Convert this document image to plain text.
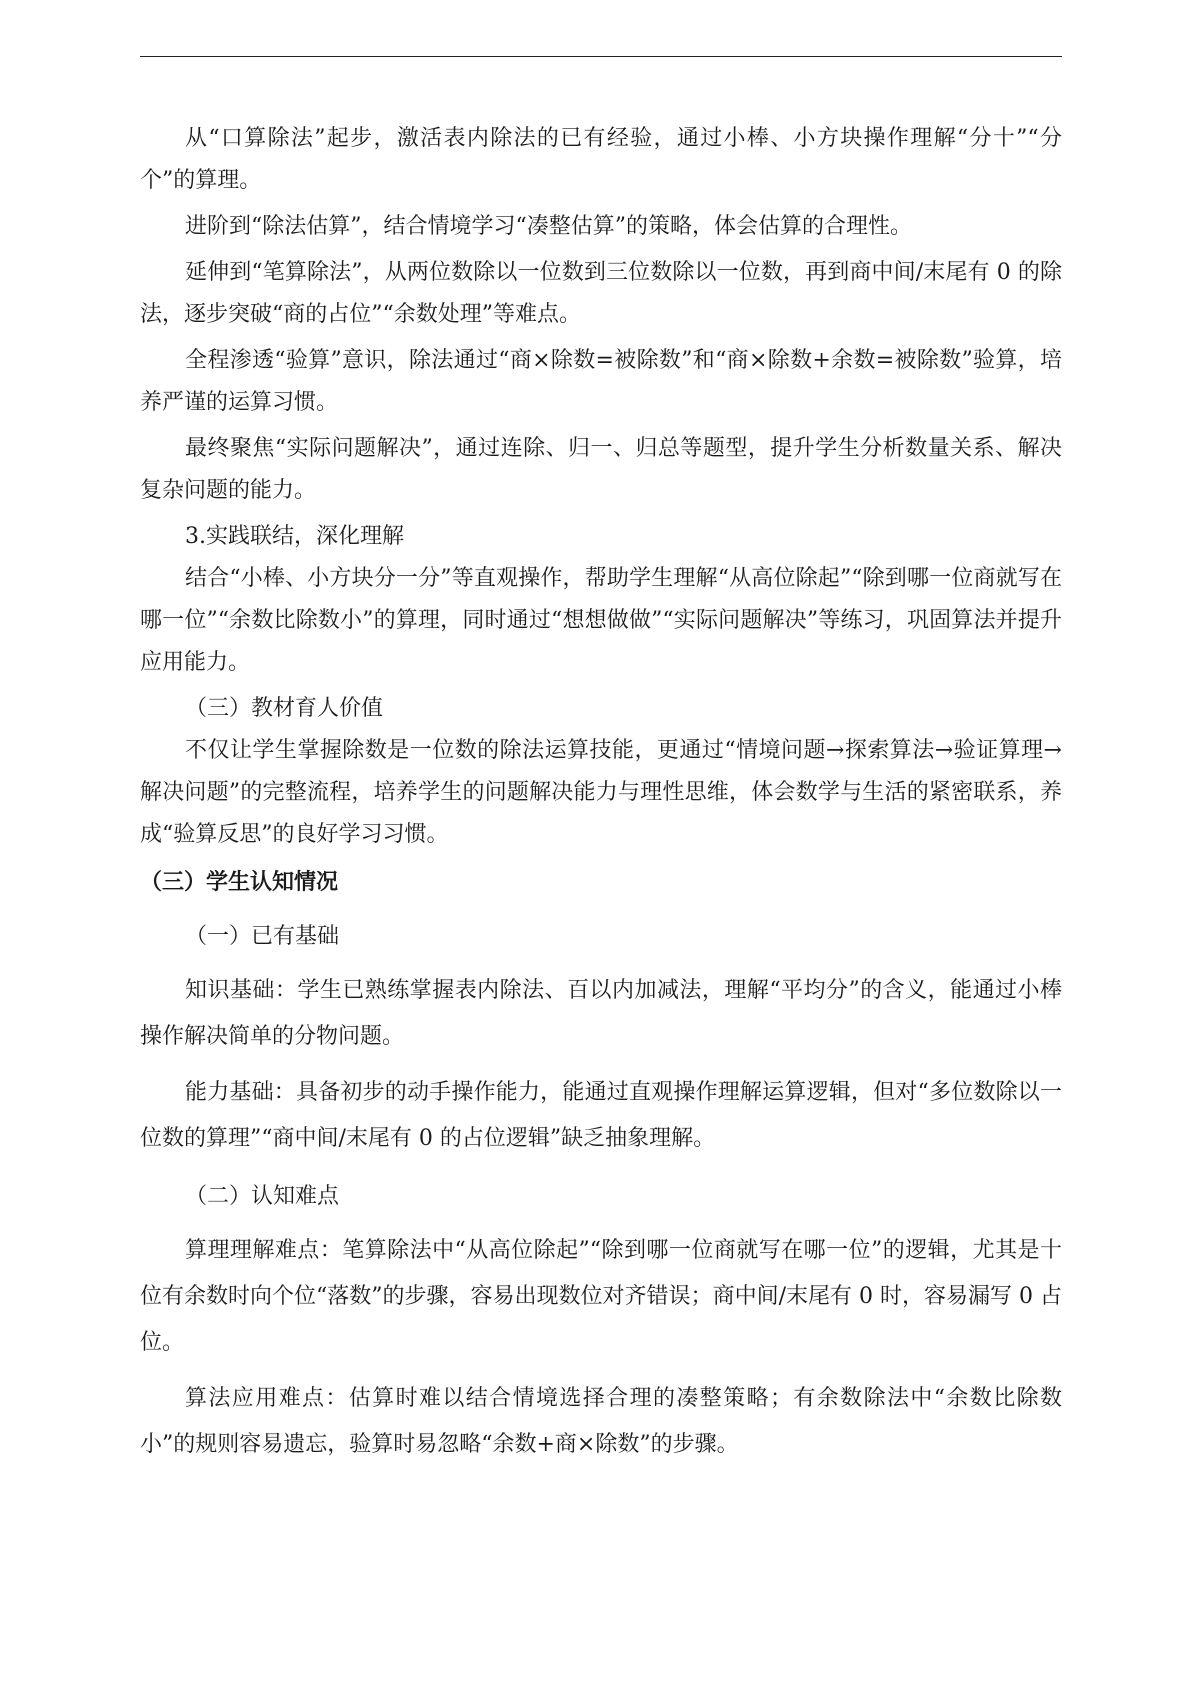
从“口算除法”起步，激活表内除法的已有经验，通过小棒、小方块操作理解“分十”“分个”的算理。

进阶到“除法估算”，结合情境学习“凑整估算”的策略，体会估算的合理性。

延伸到“笔算除法”，从两位数除以一位数到三位数除以一位数，再到商中间/末尾有 0 的除法，逐步突破“商的占位”“余数处理”等难点。

全程渗透“验算”意识，除法通过“商×除数=被除数”和“商×除数+余数=被除数”验算，培养严谨的运算习惯。

最终聚焦“实际问题解决”，通过连除、归一、归总等题型，提升学生分析数量关系、解决复杂问题的能力。

3.实践联结，深化理解

结合“小棒、小方块分一分”等直观操作，帮助学生理解“从高位除起”“除到哪一位商就写在哪一位”“余数比除数小”的算理，同时通过“想想做做”“实际问题解决”等练习，巩固算法并提升应用能力。

（三）教材育人价值

不仅让学生掌握除数是一位数的除法运算技能，更通过“情境问题→探索算法→验证算理→解决问题”的完整流程，培养学生的问题解决能力与理性思维，体会数学与生活的紧密联系，养成“验算反思”的良好学习习惯。

（三）学生认知情况

（一）已有基础

知识基础：学生已熟练掌握表内除法、百以内加减法，理解“平均分”的含义，能通过小棒操作解决简单的分物问题。

能力基础：具备初步的动手操作能力，能通过直观操作理解运算逻辑，但对“多位数除以一位数的算理”“商中间/末尾有 0 的占位逻辑”缺乏抽象理解。

（二）认知难点

算理理解难点：笔算除法中“从高位除起”“除到哪一位商就写在哪一位”的逻辑，尤其是十位有余数时向个位“落数”的步骤，容易出现数位对齐错误；商中间/末尾有 0 时，容易漏写 0 占位。

算法应用难点：估算时难以结合情境选择合理的凑整策略；有余数除法中“余数比除数小”的规则容易遗忘，验算时易忽略“余数+商×除数”的步骤。
